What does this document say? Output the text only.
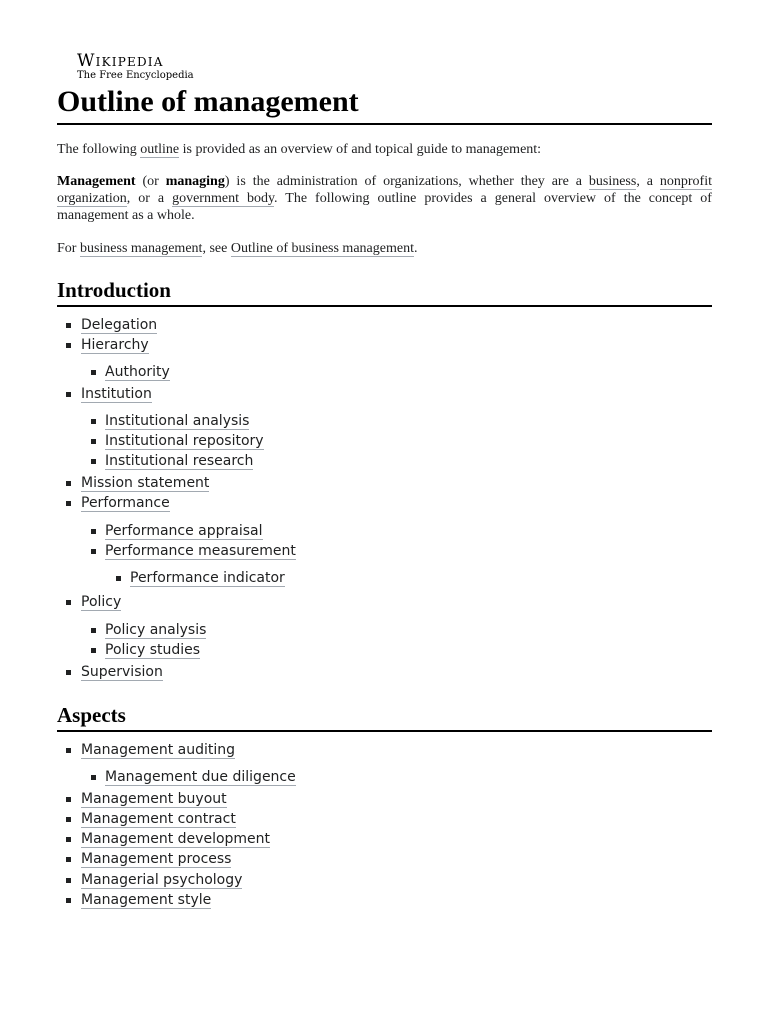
Wikipedia
The Free Encyclopedia
Outline of management

The following outline is provided as an overview of and topical guide to management:

Management (or managing) is the administration of organizations, whether they are a business, a nonprofit organization, or a government body. The following outline provides a general overview of the concept of management as a whole.

For business management, see Outline of business management.

Introduction
Delegation
Hierarchy
Authority
Institution
Institutional analysis
Institutional repository
Institutional research
Mission statement
Performance
Performance appraisal
Performance measurement
Performance indicator
Policy
Policy analysis
Policy studies
Supervision
Aspects
Management auditing
Management due diligence
Management buyout
Management contract
Management development
Management process
Managerial psychology
Management style
